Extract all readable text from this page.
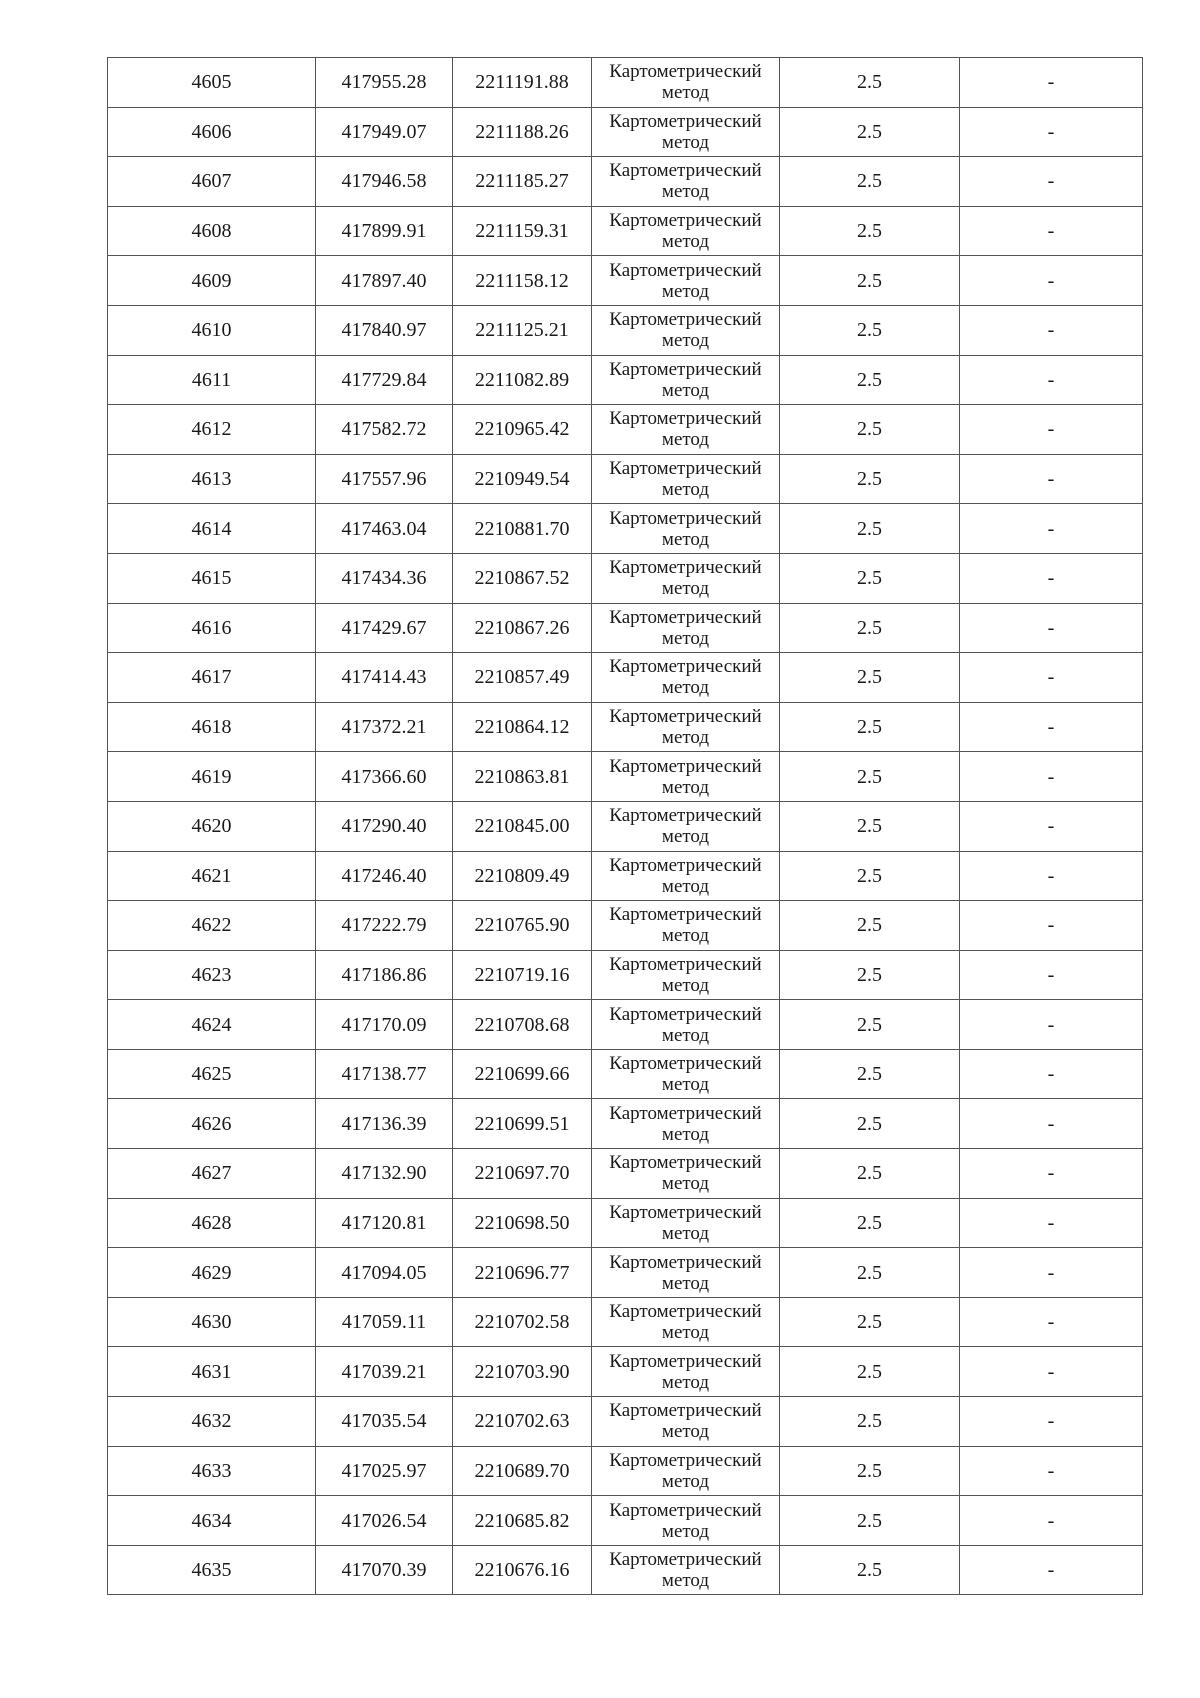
4605	417955.28	2211191.88	Картометрический
метод	2.5	-
4606	417949.07	2211188.26	Картометрический
метод	2.5	-
4607	417946.58	2211185.27	Картометрический
метод	2.5	-
4608	417899.91	2211159.31	Картометрический
метод	2.5	-
4609	417897.40	2211158.12	Картометрический
метод	2.5	-
4610	417840.97	2211125.21	Картометрический
метод	2.5	-
4611	417729.84	2211082.89	Картометрический
метод	2.5	-
4612	417582.72	2210965.42	Картометрический
метод	2.5	-
4613	417557.96	2210949.54	Картометрический
метод	2.5	-
4614	417463.04	2210881.70	Картометрический
метод	2.5	-
4615	417434.36	2210867.52	Картометрический
метод	2.5	-
4616	417429.67	2210867.26	Картометрический
метод	2.5	-
4617	417414.43	2210857.49	Картометрический
метод	2.5	-
4618	417372.21	2210864.12	Картометрический
метод	2.5	-
4619	417366.60	2210863.81	Картометрический
метод	2.5	-
4620	417290.40	2210845.00	Картометрический
метод	2.5	-
4621	417246.40	2210809.49	Картометрический
метод	2.5	-
4622	417222.79	2210765.90	Картометрический
метод	2.5	-
4623	417186.86	2210719.16	Картометрический
метод	2.5	-
4624	417170.09	2210708.68	Картометрический
метод	2.5	-
4625	417138.77	2210699.66	Картометрический
метод	2.5	-
4626	417136.39	2210699.51	Картометрический
метод	2.5	-
4627	417132.90	2210697.70	Картометрический
метод	2.5	-
4628	417120.81	2210698.50	Картометрический
метод	2.5	-
4629	417094.05	2210696.77	Картометрический
метод	2.5	-
4630	417059.11	2210702.58	Картометрический
метод	2.5	-
4631	417039.21	2210703.90	Картометрический
метод	2.5	-
4632	417035.54	2210702.63	Картометрический
метод	2.5	-
4633	417025.97	2210689.70	Картометрический
метод	2.5	-
4634	417026.54	2210685.82	Картометрический
метод	2.5	-
4635	417070.39	2210676.16	Картометрический
метод	2.5	-
